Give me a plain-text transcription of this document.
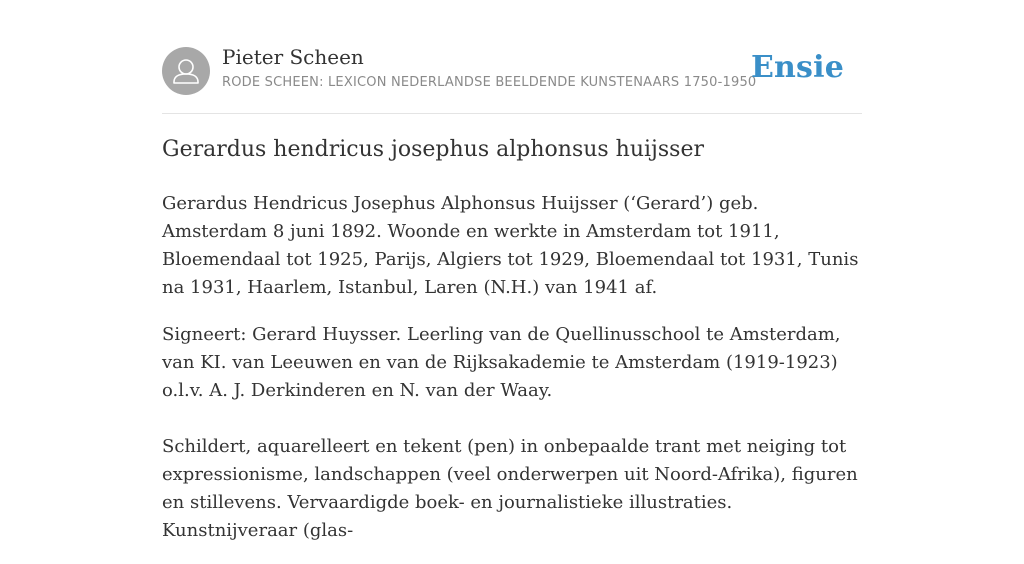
Pieter Scheen
RODE SCHEEN: LEXICON NEDERLANDSE BEELDENDE KUNSTENAARS 1750-1950
Ensie
Gerardus hendricus josephus alphonsus huijsser

Gerardus Hendricus Josephus Alphonsus Huijsser (‘Gerard’) geb. Amsterdam 8 juni 1892. Woonde en werkte in Amsterdam tot 1911, Bloemendaal tot 1925, Parijs, Algiers tot 1929, Bloemendaal tot 1931, Tunis na 1931, Haarlem, Istanbul, Laren (N.H.) van 1941 af.

Signeert: Gerard Huysser. Leerling van de Quellinusschool te Amsterdam, van KI. van Leeuwen en van de Rijksakademie te Amsterdam (1919-1923) o.l.v. A. J. Derkinderen en N. van der Waay.

Schildert, aquarelleert en tekent (pen) in onbepaalde trant met neiging tot expressionisme, landschappen (veel onderwerpen uit Noord-Afrika), figuren en stillevens. Vervaardigde boek- en journalistieke illustraties. Kunstnijveraar (glas-
